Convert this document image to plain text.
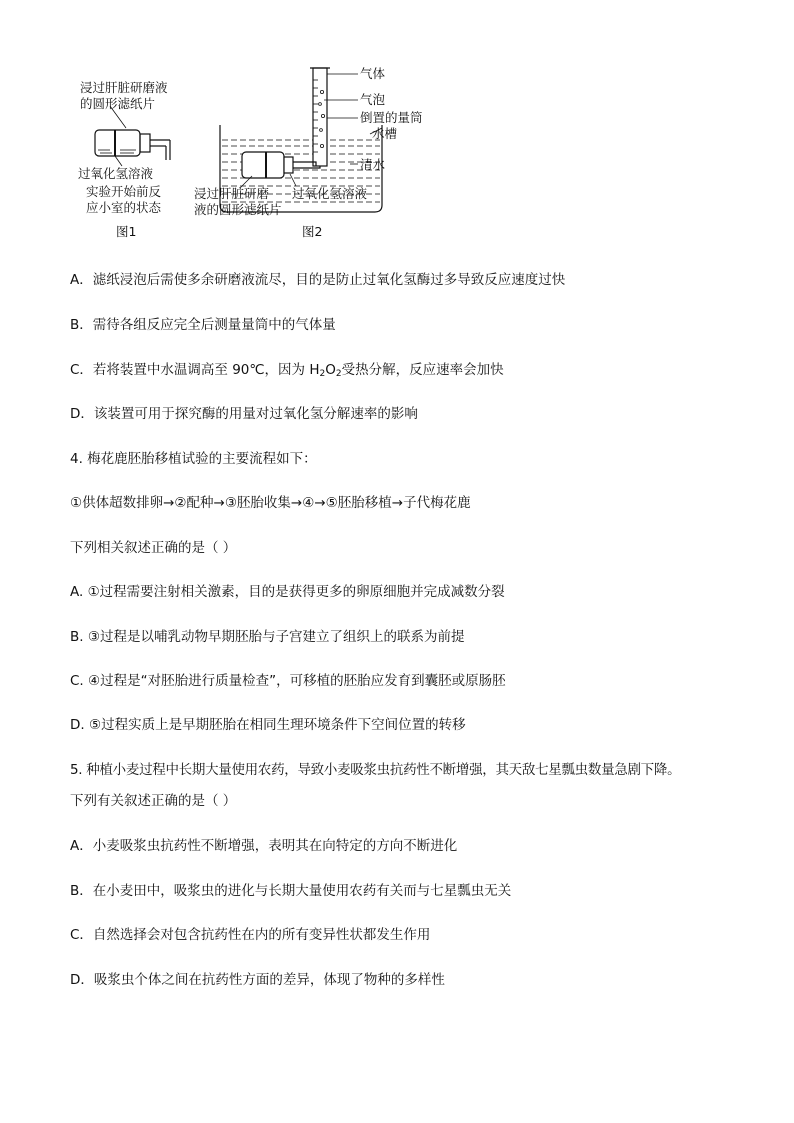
浸过肝脏研磨液
的圆形滤纸片
过氧化氢溶液
实验开始前反
应小室的状态
图1
气体
气泡
倒置的量筒
水槽
清水
浸过肝脏研磨
液的圆形滤纸片
过氧化氢溶液
图2
A．滤纸浸泡后需使多余研磨液流尽，目的是防止过氧化氢酶过多导致反应速度过快
B．需待各组反应完全后测量量筒中的气体量
C．若将装置中水温调高至 90℃，因为 $H_2O_2$受热分解，反应速率会加快
D．该装置可用于探究酶的用量对过氧化氢分解速率的影响
4. 梅花鹿胚胎移植试验的主要流程如下：
①供体超数排卵→②配种→③胚胎收集→④→⑤胚胎移植→子代梅花鹿
下列相关叙述正确的是（ ）
A. ①过程需要注射相关激素，目的是获得更多的卵原细胞并完成减数分裂
B. ③过程是以哺乳动物早期胚胎与子宫建立了组织上的联系为前提
C. ④过程是“对胚胎进行质量检查”，可移植的胚胎应发育到囊胚或原肠胚
D. ⑤过程实质上是早期胚胎在相同生理环境条件下空间位置的转移
5. 种植小麦过程中长期大量使用农药，导致小麦吸浆虫抗药性不断增强，其天敌七星瓢虫数量急剧下降。
下列有关叙述正确的是（ ）
A．小麦吸浆虫抗药性不断增强，表明其在向特定的方向不断进化
B．在小麦田中，吸浆虫的进化与长期大量使用农药有关而与七星瓢虫无关
C．自然选择会对包含抗药性在内的所有变异性状都发生作用
D．吸浆虫个体之间在抗药性方面的差异，体现了物种的多样性
